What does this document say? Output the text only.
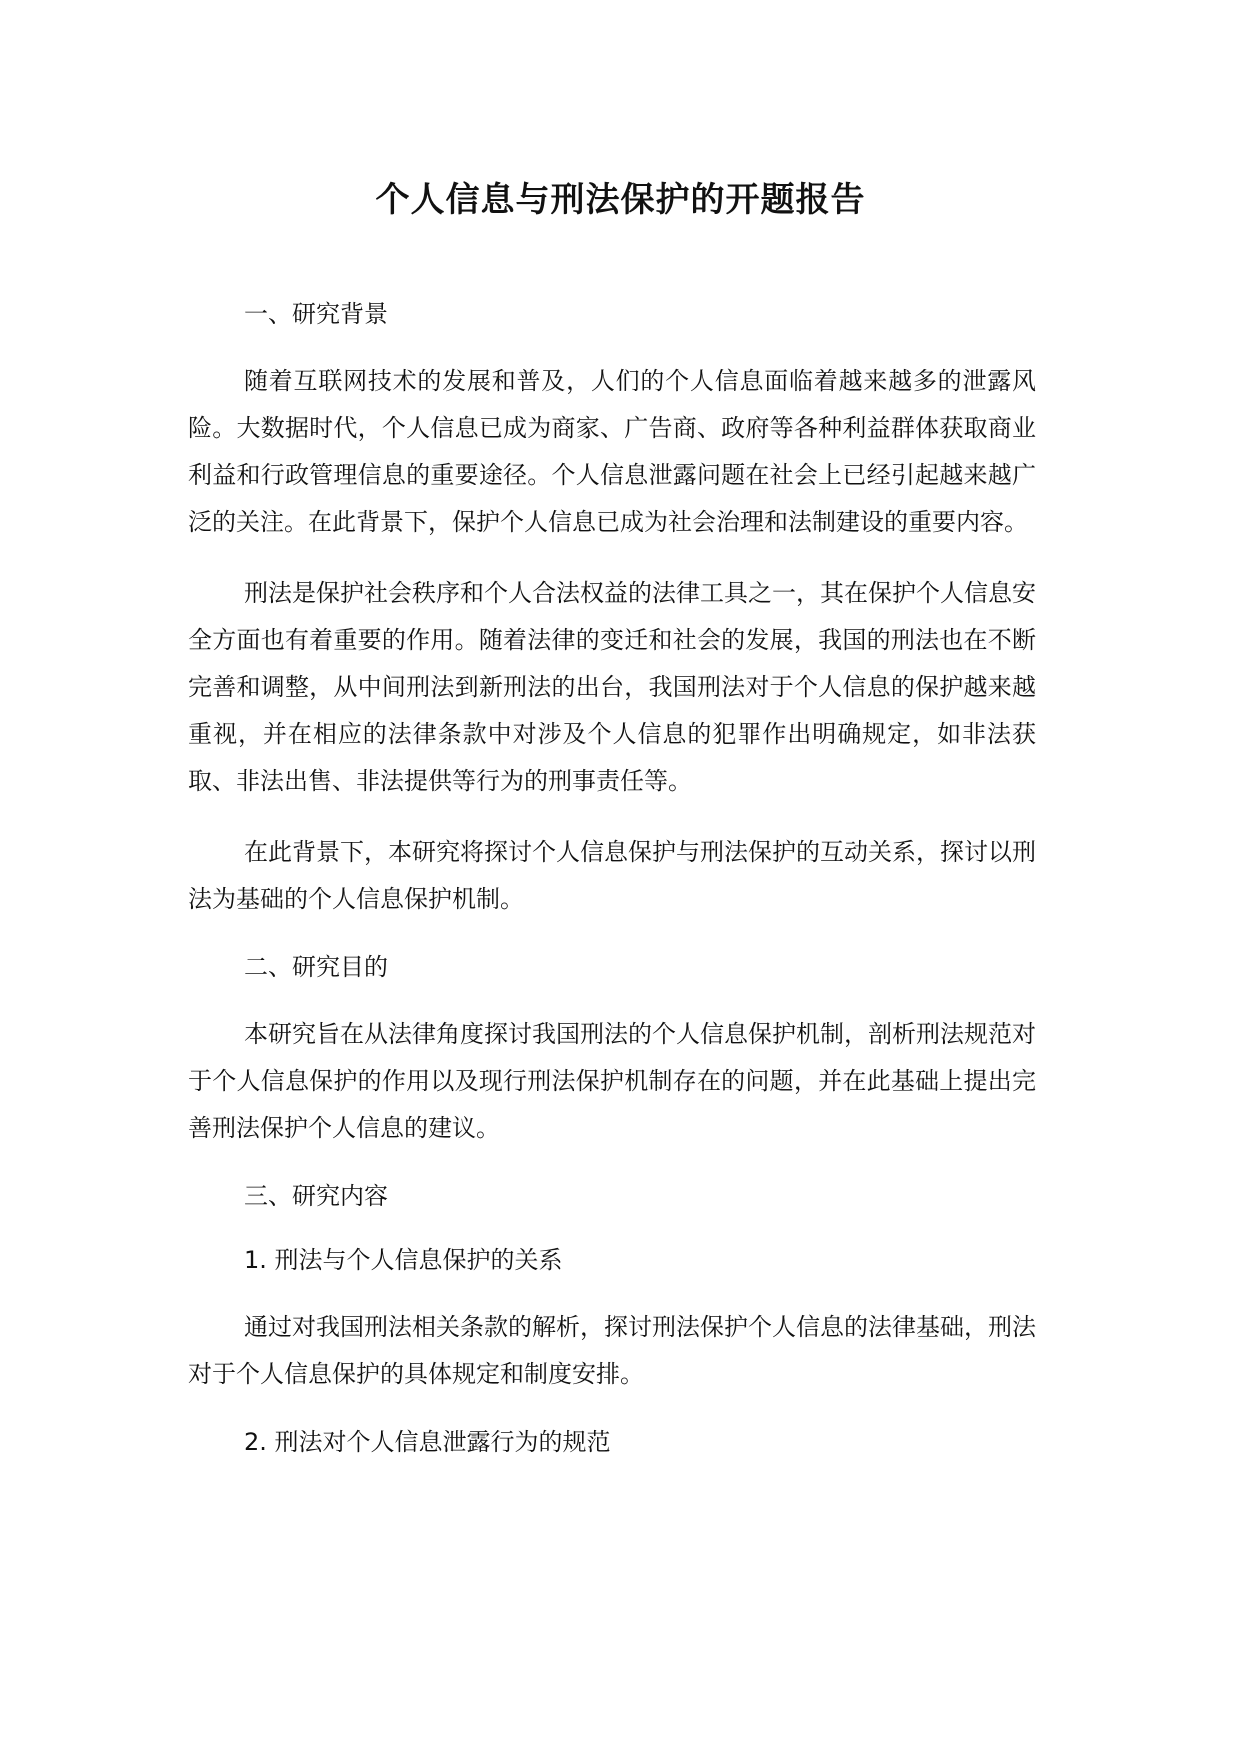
个人信息与刑法保护的开题报告
一、研究背景

随着互联网技术的发展和普及，人们的个人信息面临着越来越多的泄露风险。大数据时代，个人信息已成为商家、广告商、政府等各种利益群体获取商业利益和行政管理信息的重要途径。个人信息泄露问题在社会上已经引起越来越广泛的关注。在此背景下，保护个人信息已成为社会治理和法制建设的重要内容。

刑法是保护社会秩序和个人合法权益的法律工具之一，其在保护个人信息安全方面也有着重要的作用。随着法律的变迁和社会的发展，我国的刑法也在不断完善和调整，从中间刑法到新刑法的出台，我国刑法对于个人信息的保护越来越重视，并在相应的法律条款中对涉及个人信息的犯罪作出明确规定，如非法获取、非法出售、非法提供等行为的刑事责任等。

在此背景下，本研究将探讨个人信息保护与刑法保护的互动关系，探讨以刑法为基础的个人信息保护机制。

二、研究目的

本研究旨在从法律角度探讨我国刑法的个人信息保护机制，剖析刑法规范对于个人信息保护的作用以及现行刑法保护机制存在的问题，并在此基础上提出完善刑法保护个人信息的建议。

三、研究内容
1. 刑法与个人信息保护的关系

通过对我国刑法相关条款的解析，探讨刑法保护个人信息的法律基础，刑法对于个人信息保护的具体规定和制度安排。

2. 刑法对个人信息泄露行为的规范
